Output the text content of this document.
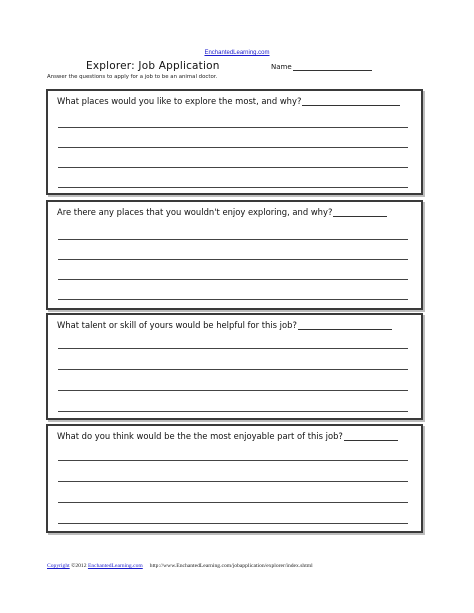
EnchantedLearning.com
Explorer: Job Application	Name
Answer the questions to apply for a job to be an animal doctor.
What places would you like to explore the most, and why?
Are there any places that you wouldn't enjoy exploring, and why?
What talent or skill of yours would be helpful for this job?
What do you think would be the the most enjoyable part of this job?
Copyright ©2012 EnchantedLearning.com http://www.EnchantedLearning.com/jobapplication/explorer/index.shtml
